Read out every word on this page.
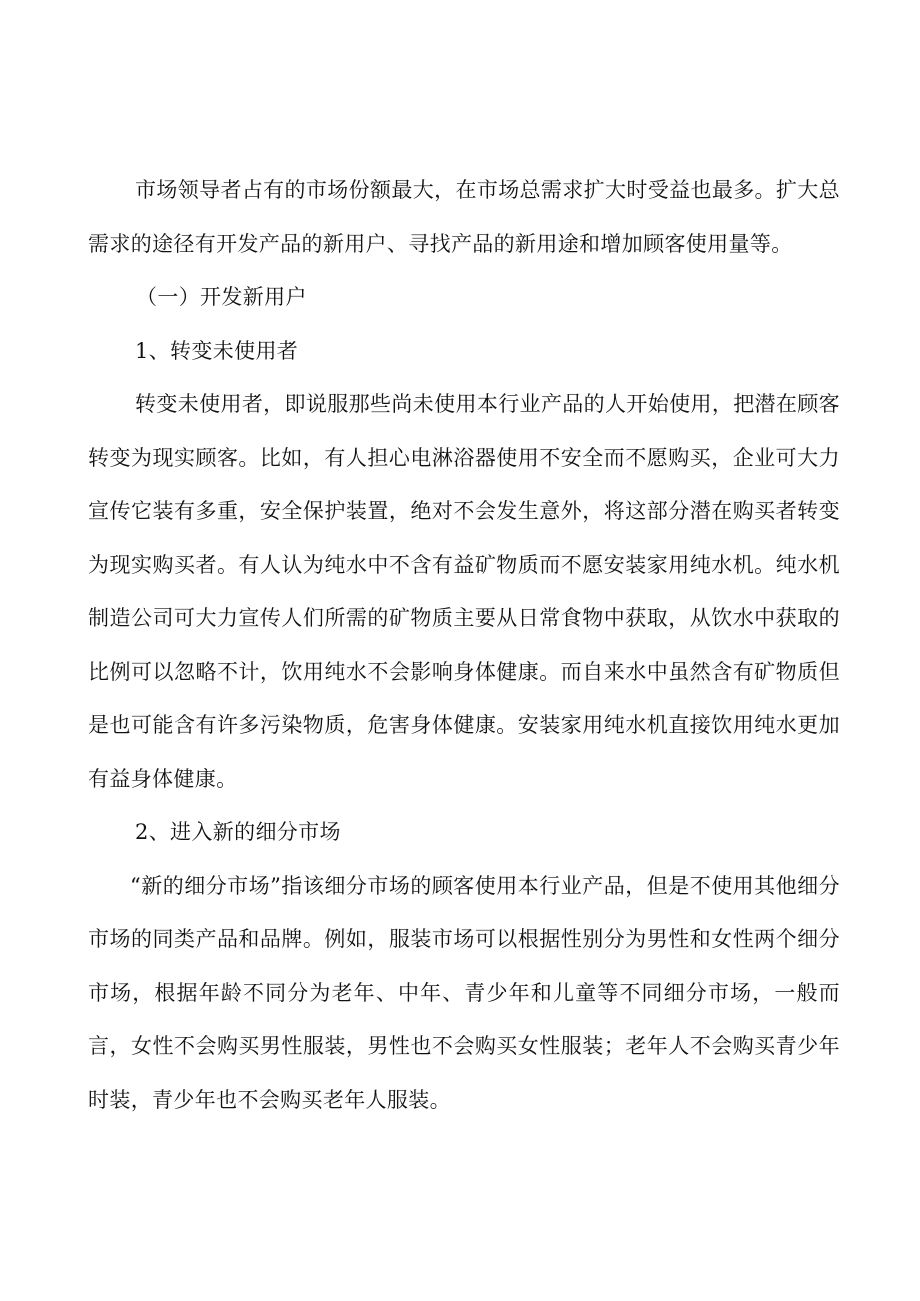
市场领导者占有的市场份额最大，在市场总需求扩大时受益也最多。扩大总需求的途径有开发产品的新用户、寻找产品的新用途和增加顾客使用量等。

（一）开发新用户

1、转变未使用者

转变未使用者，即说服那些尚未使用本行业产品的人开始使用，把潜在顾客转变为现实顾客。比如，有人担心电淋浴器使用不安全而不愿购买，企业可大力宣传它装有多重，安全保护装置，绝对不会发生意外，将这部分潜在购买者转变为现实购买者。有人认为纯水中不含有益矿物质而不愿安装家用纯水机。纯水机制造公司可大力宣传人们所需的矿物质主要从日常食物中获取，从饮水中获取的比例可以忽略不计，饮用纯水不会影响身体健康。而自来水中虽然含有矿物质但是也可能含有许多污染物质，危害身体健康。安装家用纯水机直接饮用纯水更加有益身体健康。

2、进入新的细分市场

“新的细分市场”指该细分市场的顾客使用本行业产品，但是不使用其他细分市场的同类产品和品牌。例如，服装市场可以根据性别分为男性和女性两个细分市场，根据年龄不同分为老年、中年、青少年和儿童等不同细分市场，一般而言，女性不会购买男性服装，男性也不会购买女性服装；老年人不会购买青少年时装，青少年也不会购买老年人服装。
